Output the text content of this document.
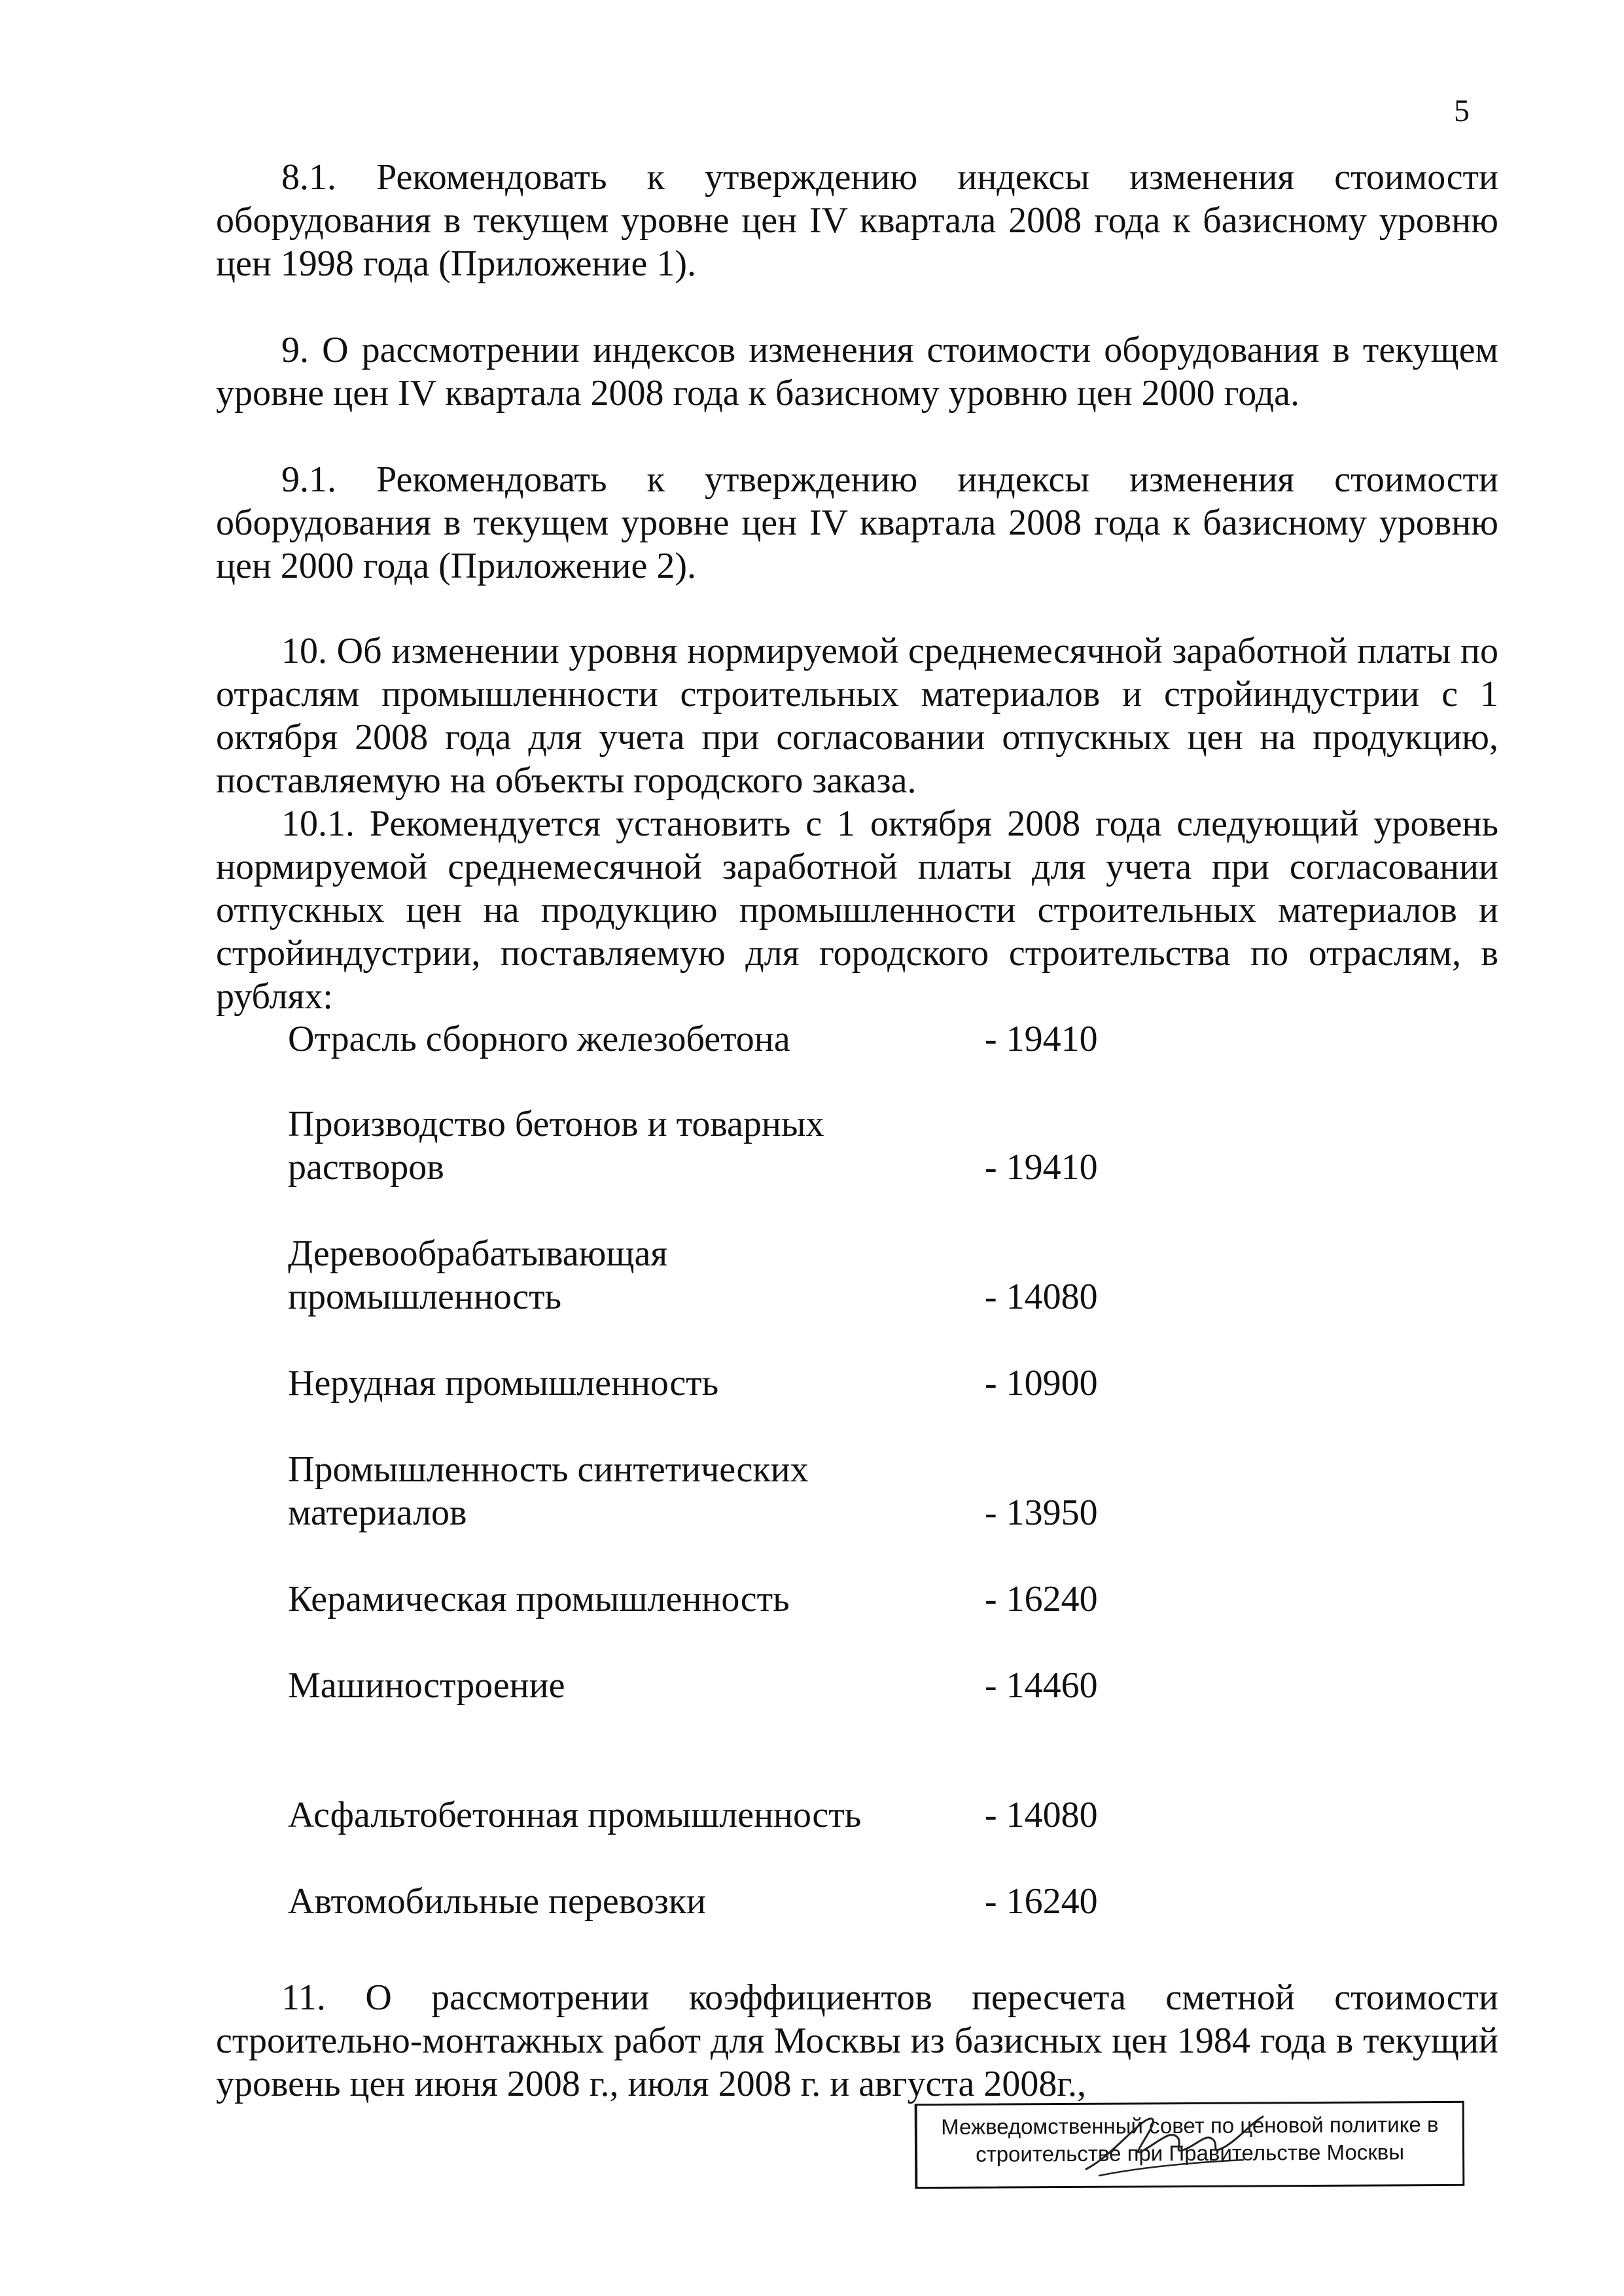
5

8.1. Рекомендовать к утверждению индексы изменения стоимости оборудования в текущем уровне цен IV квартала 2008 года к базисному уровню цен 1998 года (Приложение 1).

9. О рассмотрении индексов изменения стоимости оборудования в текущем уровне цен IV квартала 2008 года к базисному уровню цен 2000 года.

9.1. Рекомендовать к утверждению индексы изменения стоимости оборудования в текущем уровне цен IV квартала 2008 года к базисному уровню цен 2000 года (Приложение 2).

10. Об изменении уровня нормируемой среднемесячной заработной платы по отраслям промышленности строительных материалов и стройиндустрии с 1 октября 2008 года для учета при согласовании отпускных цен на продукцию, поставляемую на объекты городского заказа.

10.1. Рекомендуется установить с 1 октября 2008 года следующий уровень нормируемой среднемесячной заработной платы для учета при согласовании отпускных цен на продукцию промышленности строительных материалов и стройиндустрии, поставляемую для городского строительства по отраслям, в рублях:

Отрасль сборного железобетона	- 19410
Производство бетонов и товарных растворов	- 19410
Деревообрабатывающая промышленность	- 14080
Нерудная промышленность	- 10900
Промышленность синтетических материалов	- 13950
Керамическая промышленность	- 16240
Машиностроение	- 14460
Асфальтобетонная промышленность	- 14080
Автомобильные перевозки	- 16240

11. О рассмотрении коэффициентов пересчета сметной стоимости строительно-монтажных работ для Москвы из базисных цен 1984 года в текущий уровень цен июня 2008 г., июля 2008 г. и августа 2008г.,

Межведомственный совет по ценовой политике в
строительстве при Правительстве Москвы
